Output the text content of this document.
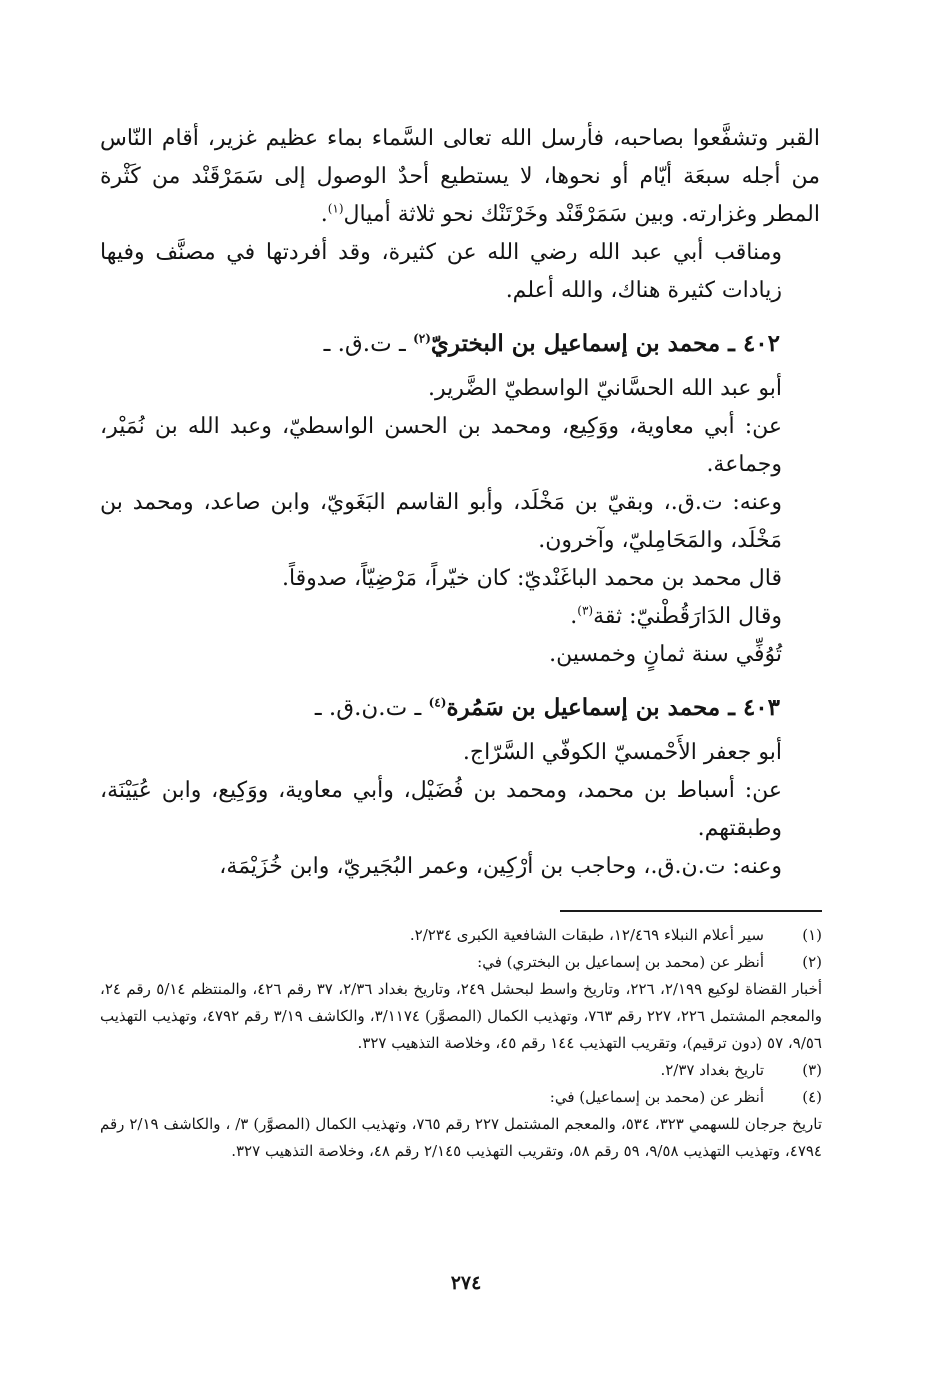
القبر وتشفَّعوا بصاحبه، فأرسل الله تعالى السَّماء بماء عظيم غزير، أقام النّاس من أجله سبعَة أيّام أو نحوها، لا يستطيع أحدٌ الوصول إلى سَمَرْقَنْد من كَثْرة المطر وغزارته. وبين سَمَرْقَنْد وخَرْتَنْك نحو ثلاثة أميال$^{(١)}$.

ومناقب أبي عبد الله رضي الله عن كثيرة، وقد أفردتها في مصنَّف وفيها زيادات كثيرة هناك، والله أعلم.

٤٠٢ ـ محمد بن إسماعيل بن البختريّ$^{(٢)}$ ـ ت.ق. ـ

أبو عبد الله الحسَّانيّ الواسطيّ الضَّرير.

عن: أبي معاوية، ووَكِيع، ومحمد بن الحسن الواسطيّ، وعبد الله بن نُمَيْر، وجماعة.

وعنه: ت.ق.، وبقيّ بن مَخْلَد، وأبو القاسم البَغَويّ، وابن صاعد، ومحمد بن مَخْلَد، والمَحَامِليّ، وآخرون.

قال محمد بن محمد الباغَنْديّ: كان خيّراً، مَرْضِيّاً، صدوقاً.

وقال الدَارَقُطْنيّ: ثقة$^{(٣)}$.

تُوُفِّي سنة ثمانٍ وخمسين.

٤٠٣ ـ محمد بن إسماعيل بن سَمُرة$^{(٤)}$ ـ ت.ن.ق. ـ

أبو جعفر الأَحْمسيّ الكوفّي السَّرّاج.

عن: أسباط بن محمد، ومحمد بن فُضَيْل، وأبي معاوية، ووَكِيع، وابن عُيَيْنَة، وطبقتهم.

وعنه: ت.ن.ق.، وحاجب بن أرْكِين، وعمر البُجَيريّ، وابن خُزَيْمَة،

(١)سير أعلام النبلاء ١٢/٤٦٩، طبقات الشافعية الكبرى ٢/٢٣٤.

(٢)أنظر عن (محمد بن إسماعيل بن البختري) في:

أخبار القضاة لوكيع ٢/١٩٩، ٢٢٦، وتاريخ واسط لبحشل ٢٤٩، وتاريخ بغداد ٢/٣٦، ٣٧ رقم ٤٢٦، والمنتظم ٥/١٤ رقم ٢٤، والمعجم المشتمل ٢٢٦، ٢٢٧ رقم ٧٦٣، وتهذيب الكمال (المصوَّر) ٣/١١٧٤، والكاشف ٣/١٩ رقم ٤٧٩٢، وتهذيب التهذيب ٩/٥٦، ٥٧ (دون ترقيم)، وتقريب التهذيب ١٤٤ رقم ٤٥، وخلاصة التذهيب ٣٢٧.

(٣)تاريخ بغداد ٢/٣٧.

(٤)أنظر عن (محمد بن إسماعيل) في:

تاريخ جرجان للسهمي ٣٢٣، ٥٣٤، والمعجم المشتمل ٢٢٧ رقم ٧٦٥، وتهذيب الكمال (المصوَّر) ٣/ ، والكاشف ٢/١٩ رقم ٤٧٩٤، وتهذيب التهذيب ٩/٥٨، ٥٩ رقم ٥٨، وتقريب التهذيب ٢/١٤٥ رقم ٤٨، وخلاصة التذهيب ٣٢٧.

٢٧٤
